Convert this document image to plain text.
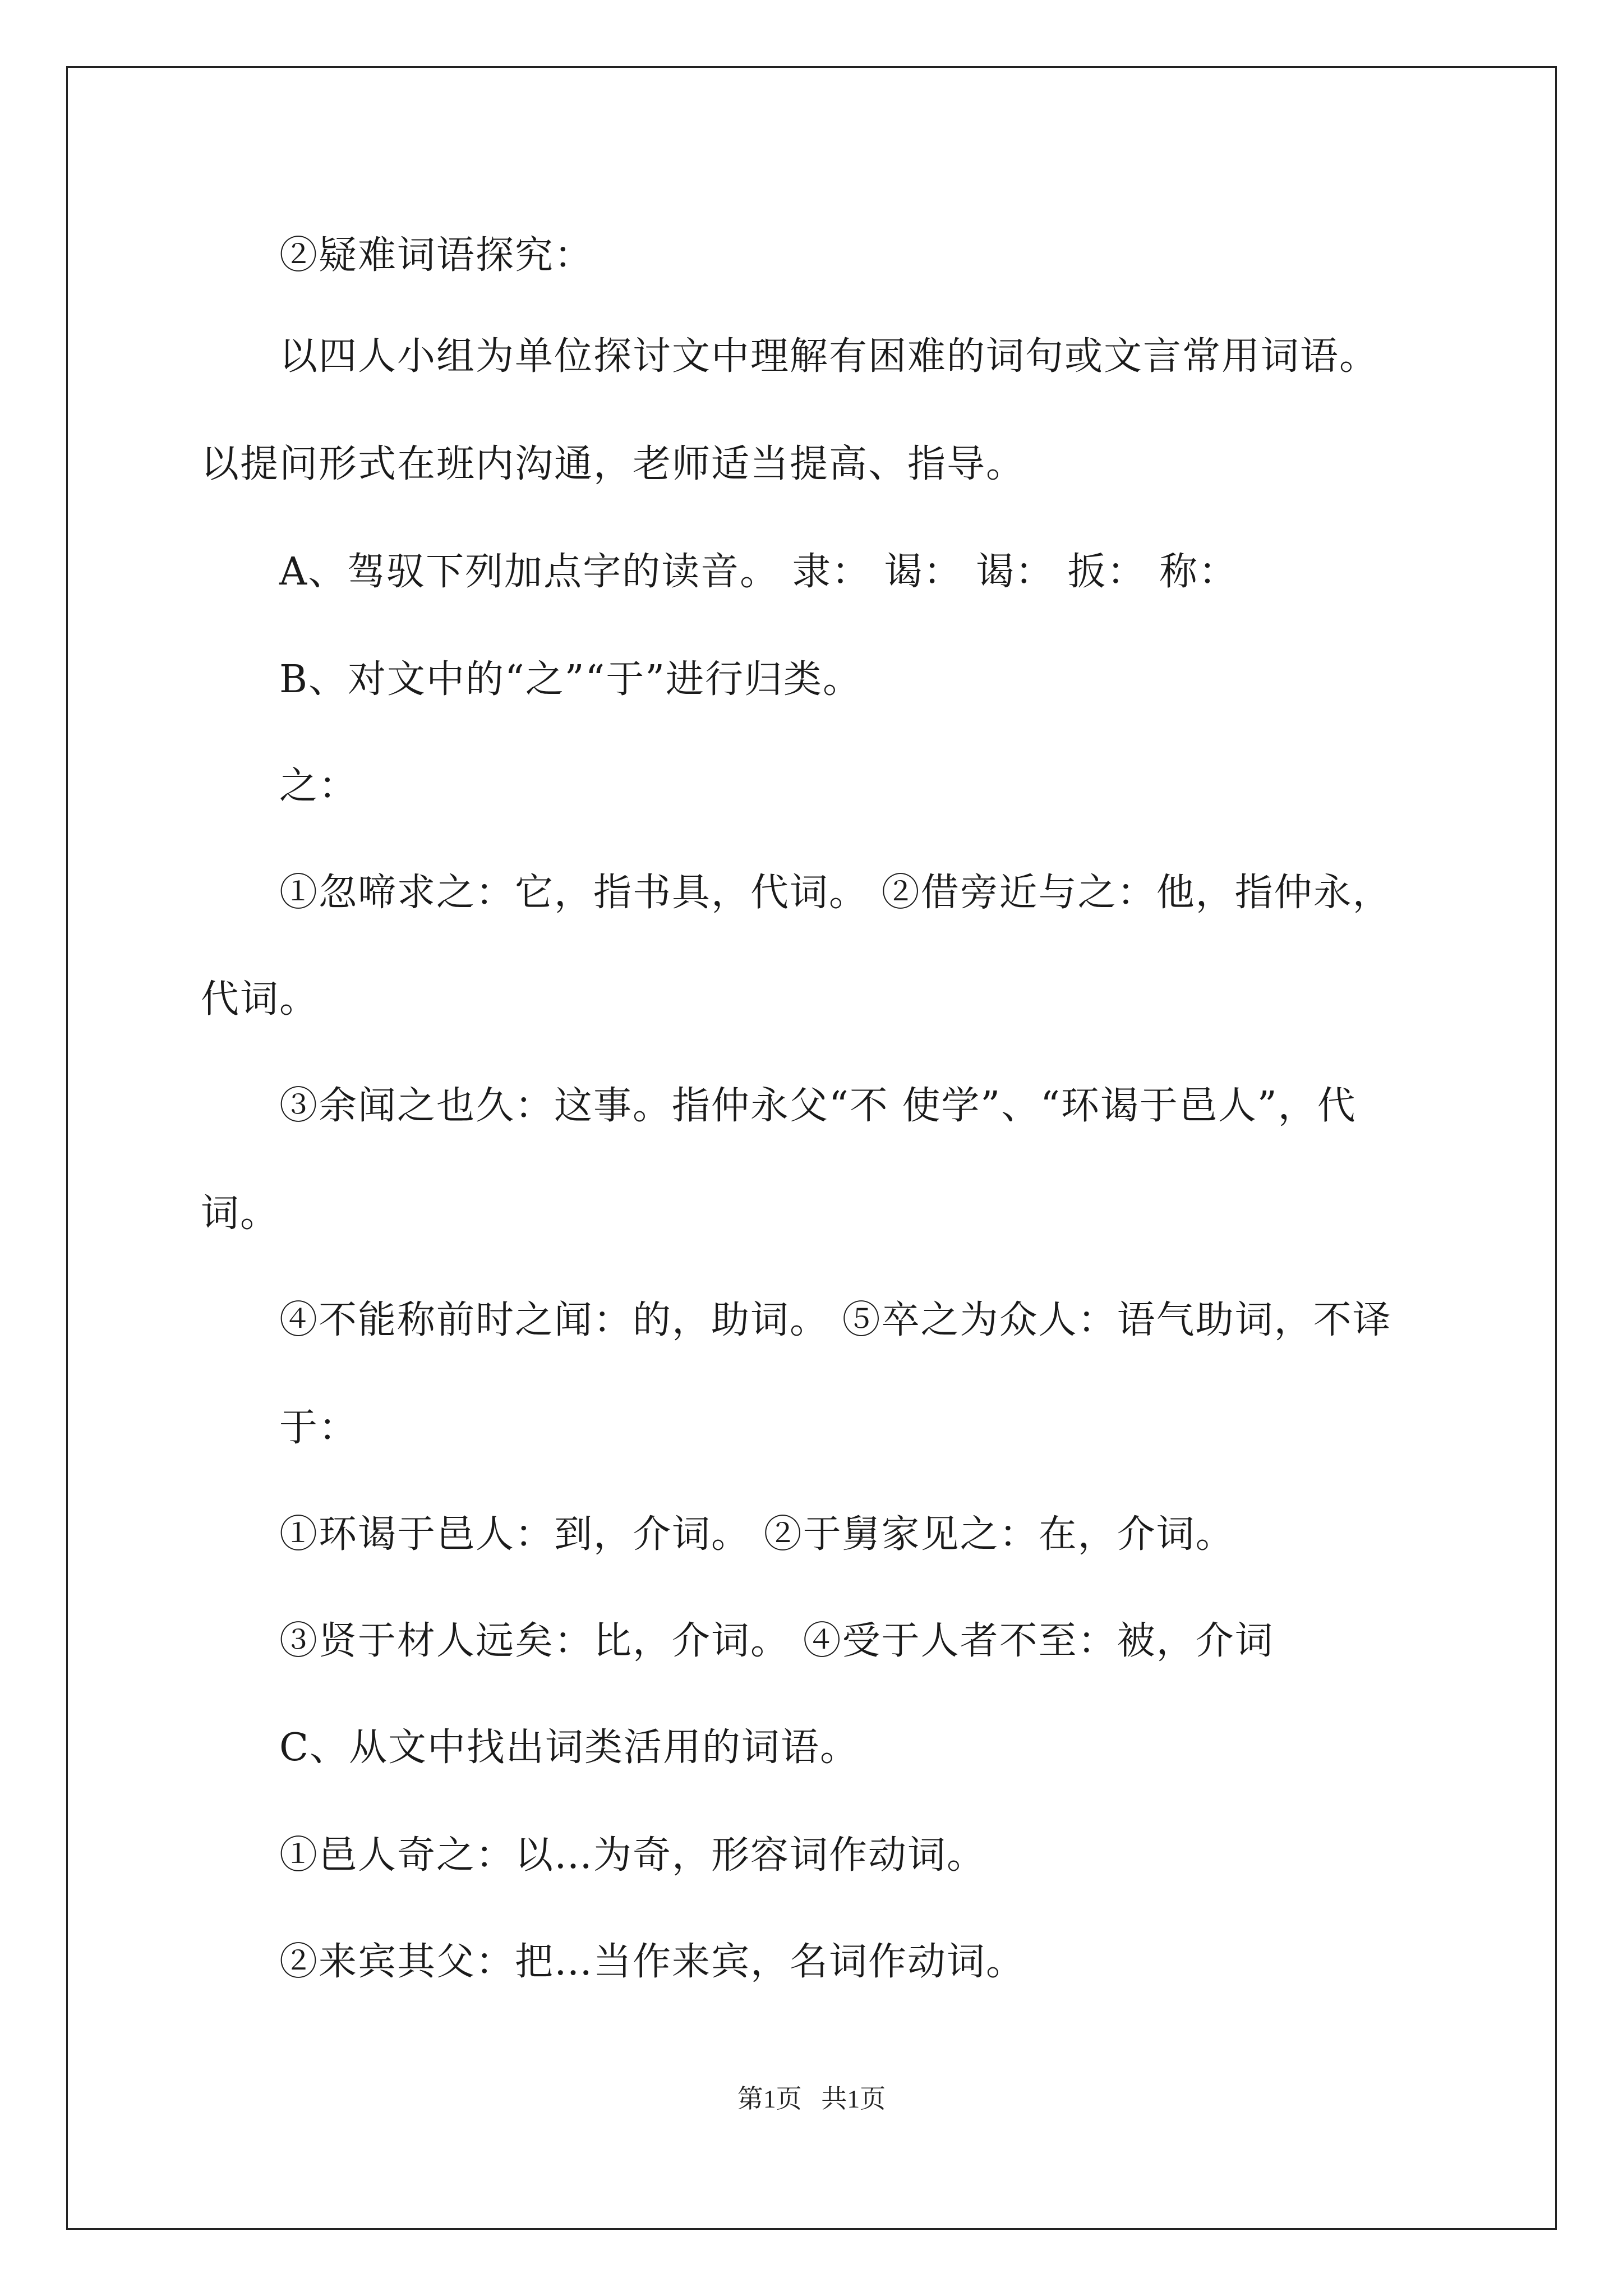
②疑难词语探究：
以四人小组为单位探讨文中理解有困难的词句或文言常用词语。
以提问形式在班内沟通，老师适当提高、指导。
A、驾驭下列加点字的读音。 隶： 谒： 谒： 扳： 称：
B、对文中的“之”“于”进行归类。
之：
①忽啼求之：它，指书具，代词。 ②借旁近与之：他，指仲永，
代词。
③余闻之也久：这事。指仲永父“不 使学”、“环谒于邑人”，代
词。
④不能称前时之闻：的，助词。 ⑤卒之为众人：语气助词，不译
于：
①环谒于邑人：到，介词。 ②于舅家见之：在，介词。
③贤于材人远矣：比，介词。 ④受于人者不至：被，介词
C、从文中找出词类活用的词语。
①邑人奇之：以…为奇，形容词作动词。
②来宾其父：把…当作来宾，名词作动词。
第1页   共1页
